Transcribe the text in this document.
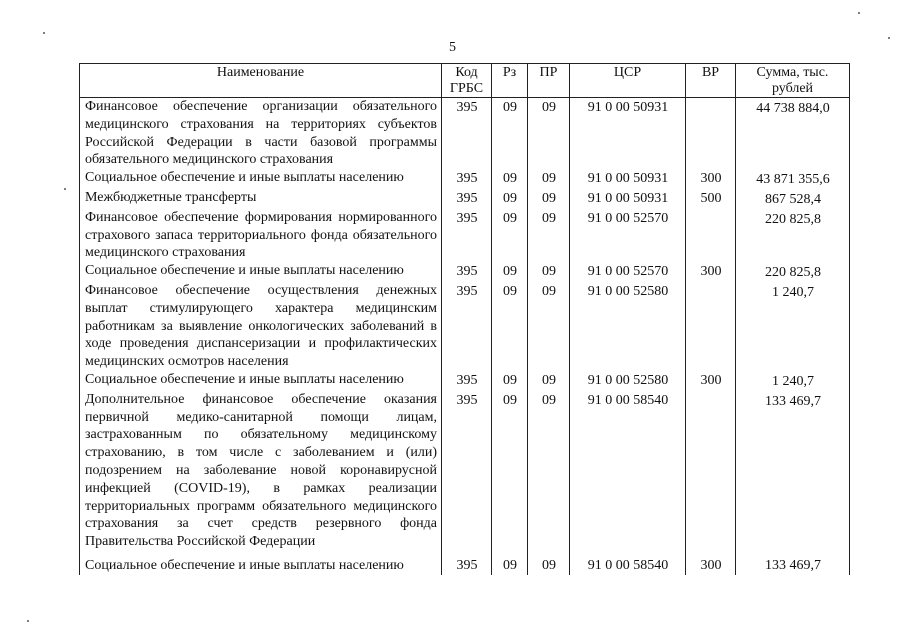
5
Наименование	Код ГРБС	Рз	ПР	ЦСР	ВР	Сумма, тыс. рублей
Финансовое обеспечение организации обязательного медицинского страхования на территориях субъектов Российской Федерации в части базовой программы обязательного медицинского страхования	395	09	09	91 0 00 50931		44 738 884,0
Социальное обеспечение и иные выплаты населению	395	09	09	91 0 00 50931	300	43 871 355,6
Межбюджетные трансферты	395	09	09	91 0 00 50931	500	867 528,4
Финансовое обеспечение формирования нормированного страхового запаса территориального фонда обязательного медицинского страхования	395	09	09	91 0 00 52570		220 825,8
Социальное обеспечение и иные выплаты населению	395	09	09	91 0 00 52570	300	220 825,8
Финансовое обеспечение осуществления денежных выплат стимулирующего характера медицинским работникам за выявление онкологических заболеваний в ходе проведения диспансеризации и профилактических медицинских осмотров населения	395	09	09	91 0 00 52580		1 240,7
Социальное обеспечение и иные выплаты населению	395	09	09	91 0 00 52580	300	1 240,7
Дополнительное финансовое обеспечение оказания первичной медико-санитарной помощи лицам, застрахованным по обязательному медицинскому страхованию, в том числе с заболеванием и (или) подозрением на заболевание новой коронавирусной инфекцией (COVID-19), в рамках реализации территориальных программ обязательного медицинского страхования за счет средств резервного фонда Правительства Российской Федерации	395	09	09	91 0 00 58540		133 469,7
Социальное обеспечение и иные выплаты населению	395	09	09	91 0 00 58540	300	133 469,7
